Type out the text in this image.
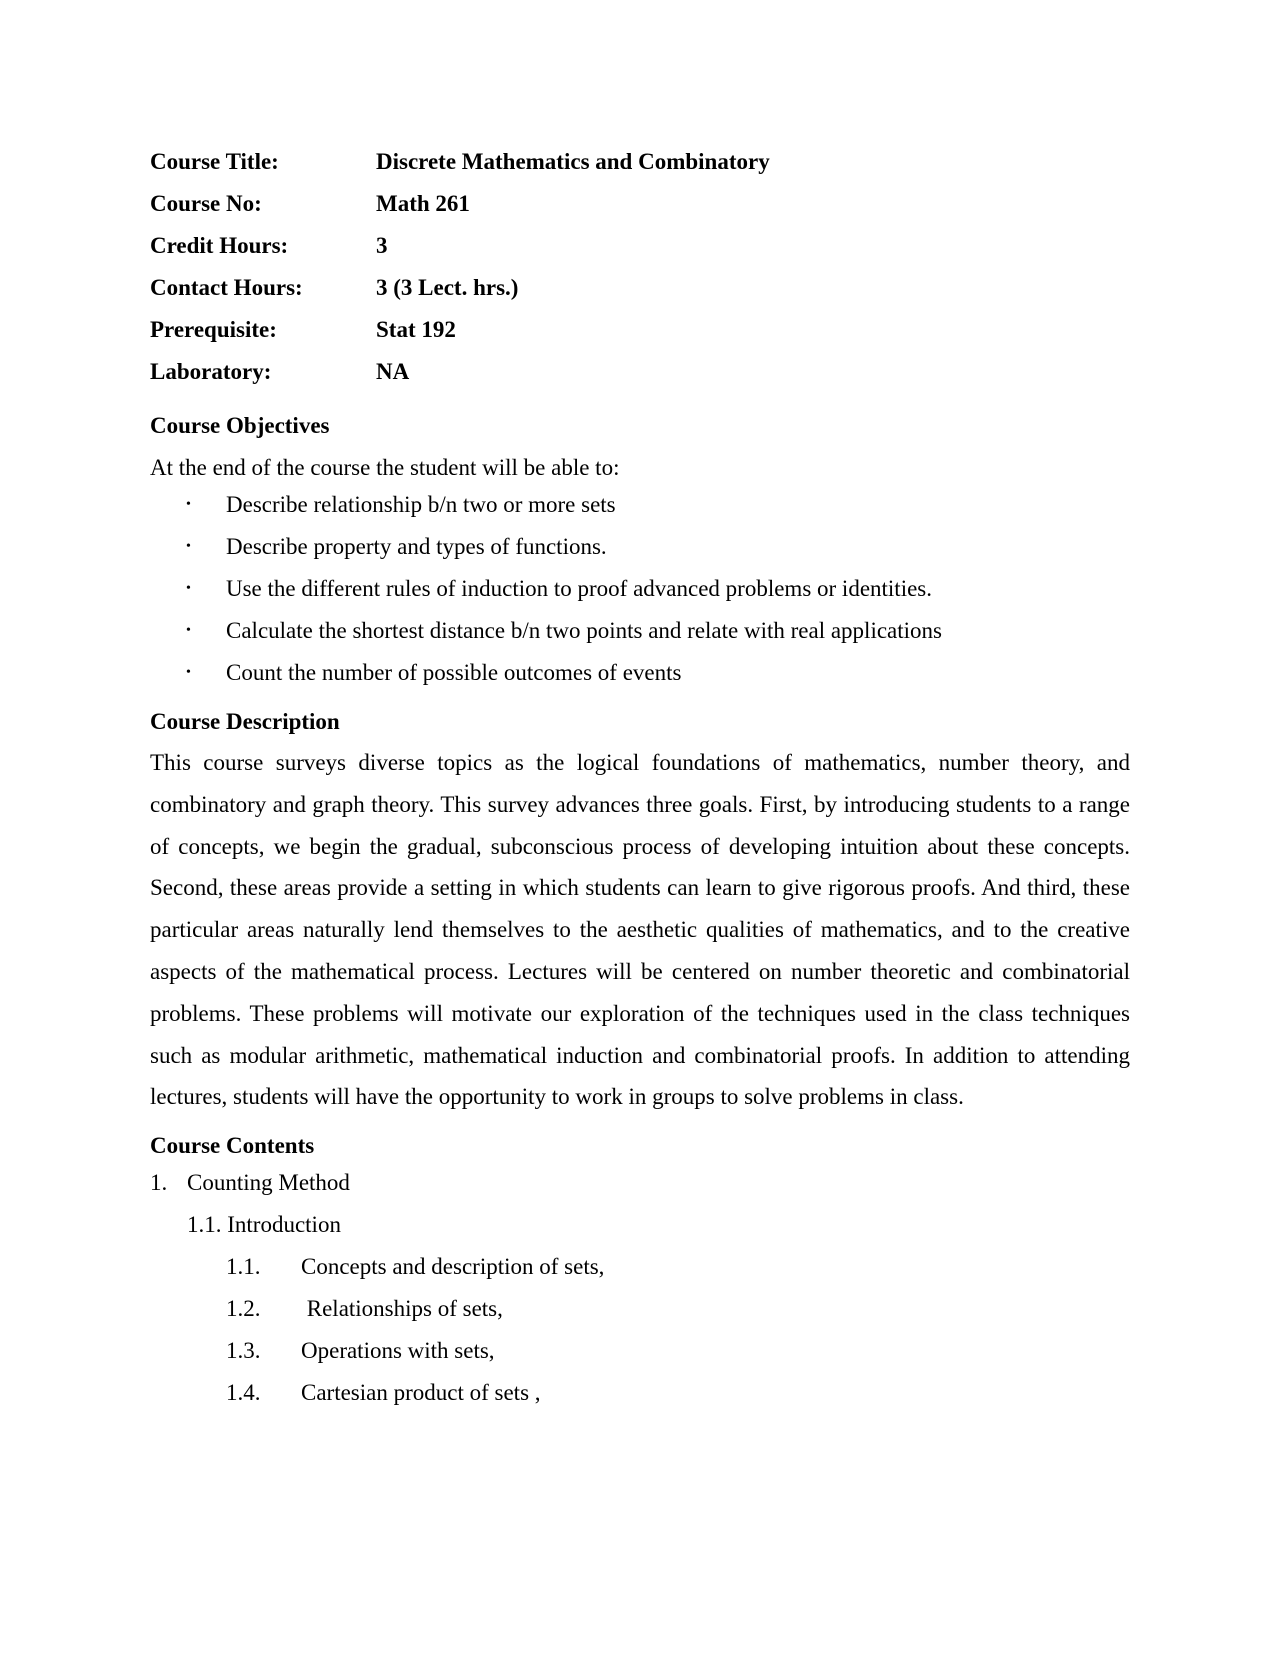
Course Title:	Discrete Mathematics and Combinatory
Course No:	Math 261
Credit Hours:	3
Contact Hours:	3 (3 Lect. hrs.)
Prerequisite:	Stat 192
Laboratory:	NA
Course Objectives
At the end of the course the student will be able to:
• Describe relationship b/n two or more sets
• Describe property and types of functions.
• Use the different rules of induction to proof advanced problems or identities.
• Calculate the shortest distance b/n two points and relate with real applications
• Count the number of possible outcomes of events
Course Description

This course surveys diverse topics as the logical foundations of mathematics, number theory, and combinatory and graph theory. This survey advances three goals. First, by introducing students to a range of concepts, we begin the gradual, subconscious process of developing intuition about these concepts. Second, these areas provide a setting in which students can learn to give rigorous proofs. And third, these particular areas naturally lend themselves to the aesthetic qualities of mathematics, and to the creative aspects of the mathematical process. Lectures will be centered on number theoretic and combinatorial problems. These problems will motivate our exploration of the techniques used in the class techniques such as modular arithmetic, mathematical induction and combinatorial proofs. In addition to attending lectures, students will have the opportunity to work in groups to solve problems in class.

Course Contents
1. Counting Method
1.1. Introduction
1.1. Concepts and description of sets,
1.2. Relationships of sets,
1.3. Operations with sets,
1.4. Cartesian product of sets ,
